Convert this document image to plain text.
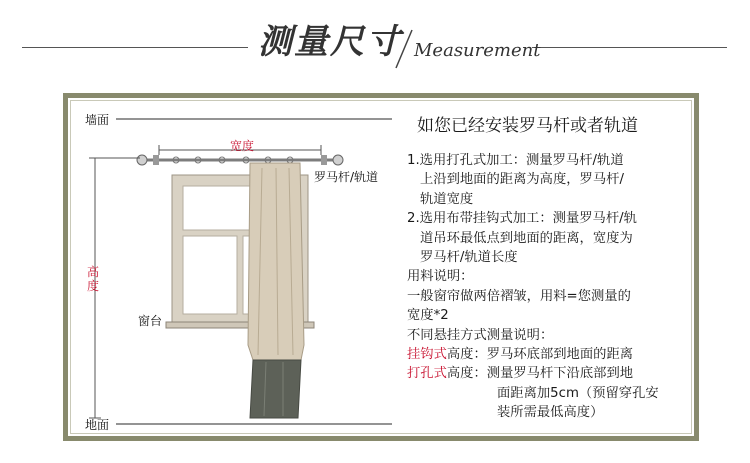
测量尺寸 Measurement
墙面
地面
宽度
高度
罗马杆/轨道
窗台
如您已经安装罗马杆或者轨道
1.选用打孔式加工：测量罗马杆/轨道
上沿到地面的距离为高度，罗马杆/
轨道宽度
2.选用布带挂钩式加工：测量罗马杆/轨
道吊环最低点到地面的距离，宽度为
罗马杆/轨道长度
用料说明：
一般窗帘做两倍褶皱，用料=您测量的
宽度*2
不同悬挂方式测量说明：
挂钩式高度：罗马环底部到地面的距离
打孔式高度：测量罗马杆下沿底部到地
面距离加5cm（预留穿孔安
装所需最低高度）
